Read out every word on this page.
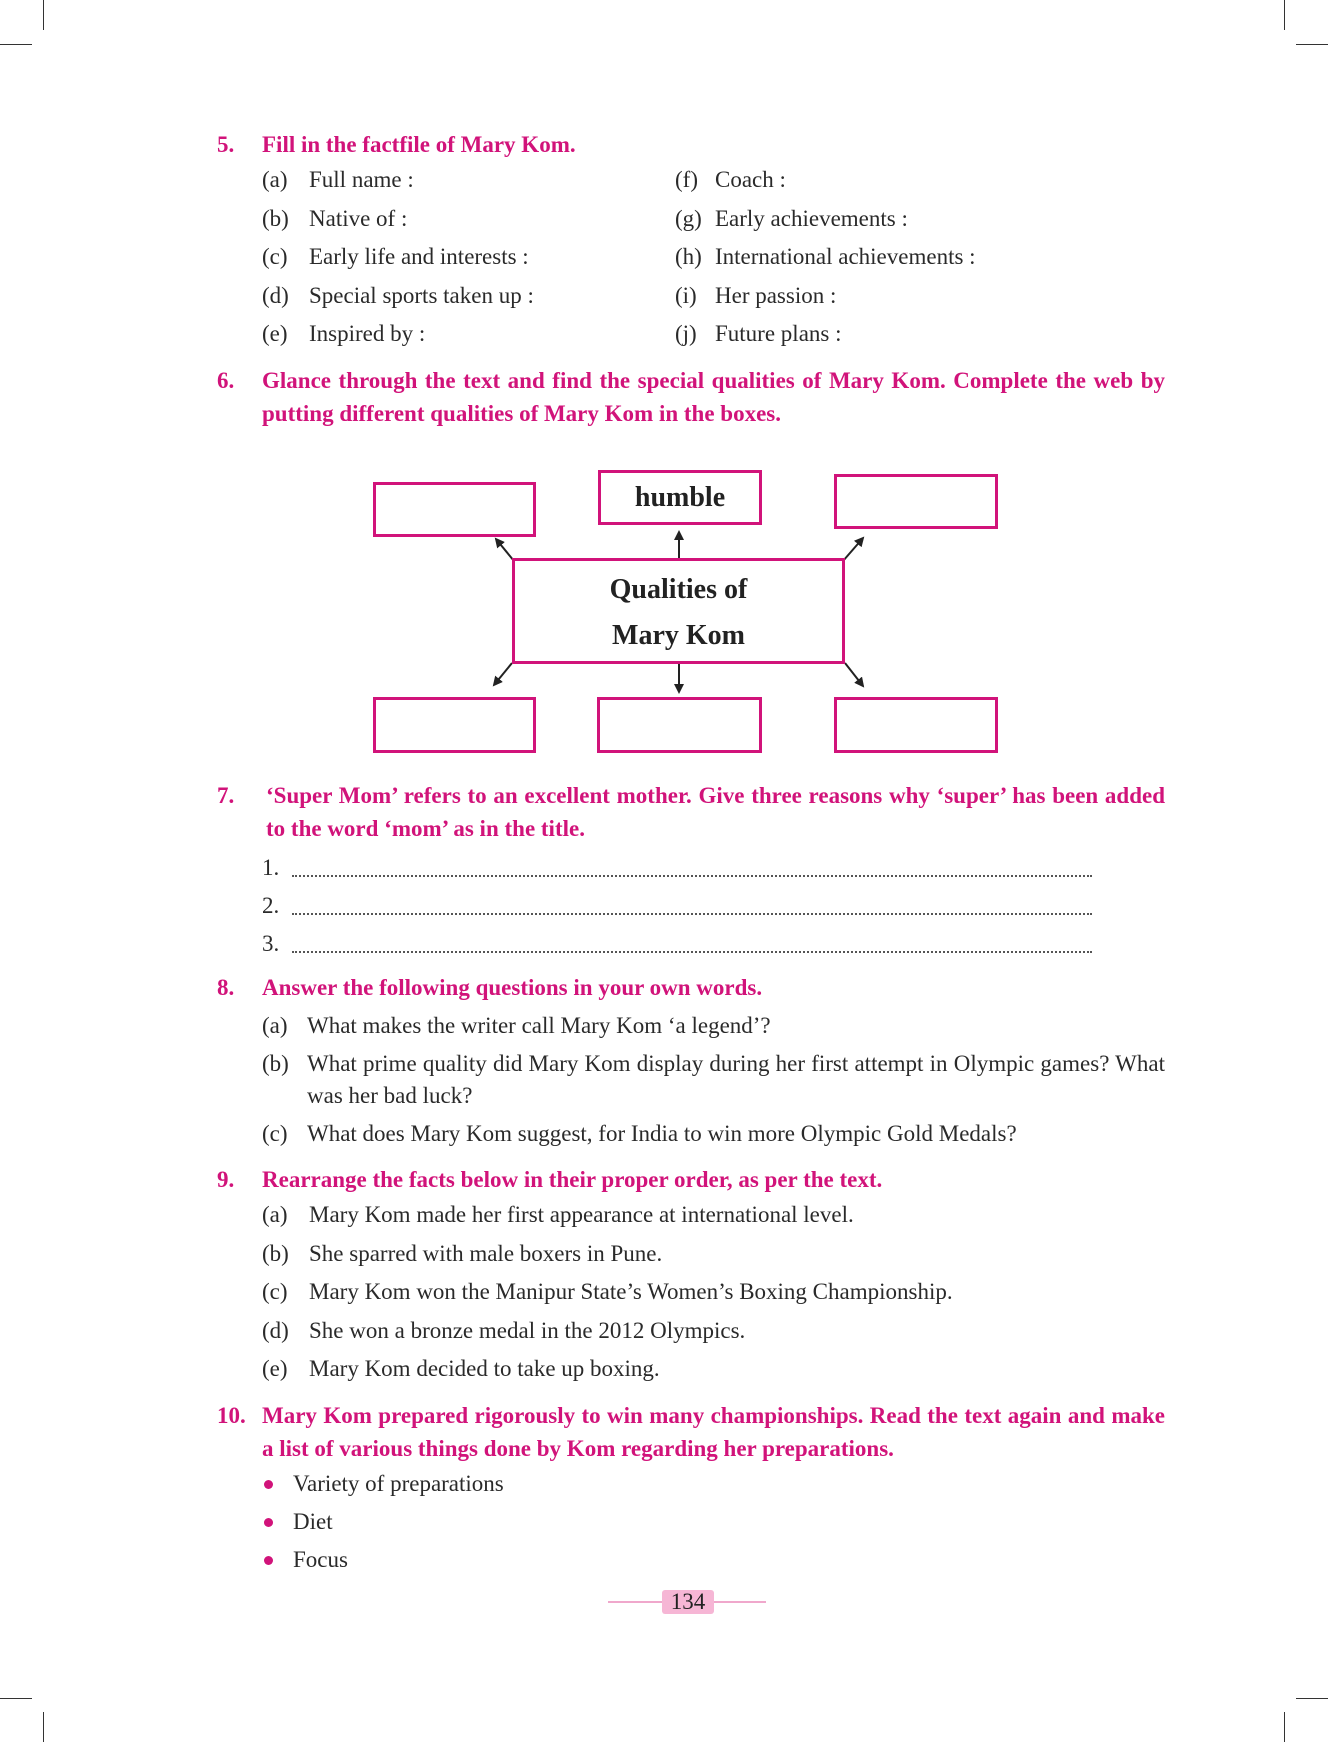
5.	Fill in the factfile of Mary Kom.
(a) Full name :
(b) Native of :
(c) Early life and interests :
(d) Special sports taken up :
(e) Inspired by :
(f) Coach :
(g) Early achievements :
(h) International achievements :
(i) Her passion :
(j) Future plans :
6.	Glance through the text and find the special qualities of Mary Kom. Complete the web by putting different qualities of Mary Kom in the boxes.
humble
Qualities of
Mary Kom
7.	‘Super Mom’ refers to an excellent mother. Give three reasons why ‘super’ has been added to the word ‘mom’ as in the title.
1.
2.
3.
8.	Answer the following questions in your own words.
(a) What makes the writer call Mary Kom ‘a legend’?
(b) What prime quality did Mary Kom display during her first attempt in Olympic games? What was her bad luck?
(c) What does Mary Kom suggest, for India to win more Olympic Gold Medals?
9.	Rearrange the facts below in their proper order, as per the text.
(a) Mary Kom made her first appearance at international level.
(b) She sparred with male boxers in Pune.
(c) Mary Kom won the Manipur State’s Women’s Boxing Championship.
(d) She won a bronze medal in the 2012 Olympics.
(e) Mary Kom decided to take up boxing.
10. Mary Kom prepared rigorously to win many championships. Read the text again and make a list of various things done by Kom regarding her preparations.
Variety of preparations
Diet
Focus
134
